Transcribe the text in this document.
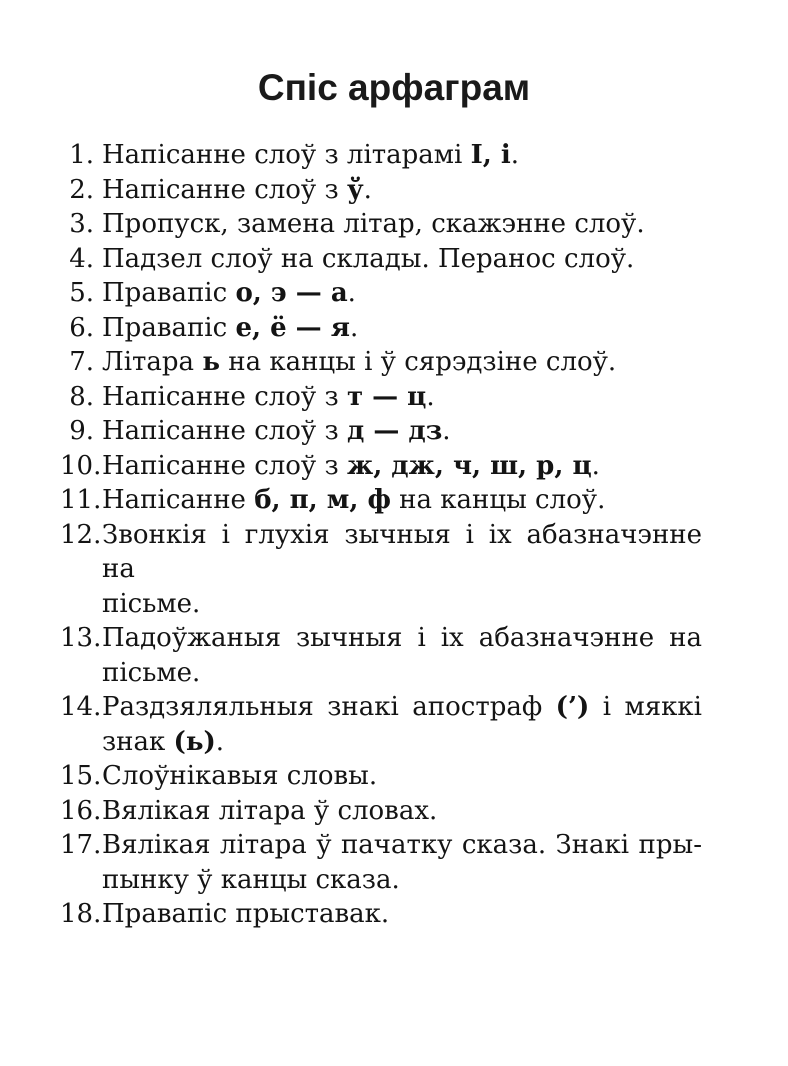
Спіс арфаграм
1. Напісанне слоў з літарамі І, і.
2. Напісанне слоў з ў.
3. Пропуск, замена літар, скажэнне слоў.
4. Падзел слоў на склады. Перанос слоў.
5. Правапіс о, э — а.
6. Правапіс е, ё — я.
7. Літара ь на канцы і ў сярэдзіне слоў.
8. Напісанне слоў з т — ц.
9. Напісанне слоў з д — дз.
10. Напісанне слоў з ж, дж, ч, ш, р, ц.
11. Напісанне б, п, м, ф на канцы слоў.
12. Звонкія і глухія зычныя і іх абазначэнне на
пісьме.
13. Падоўжаныя зычныя і іх абазначэнне на
пісьме.
14. Раздзяляльныя знакі апостраф (’) і мяккі
знак (ь).
15. Слоўнікавыя словы.
16. Вялікая літара ў словах.
17. Вялікая літара ў пачатку сказа. Знакі пры-
пынку ў канцы сказа.
18. Правапіс прыставак.
